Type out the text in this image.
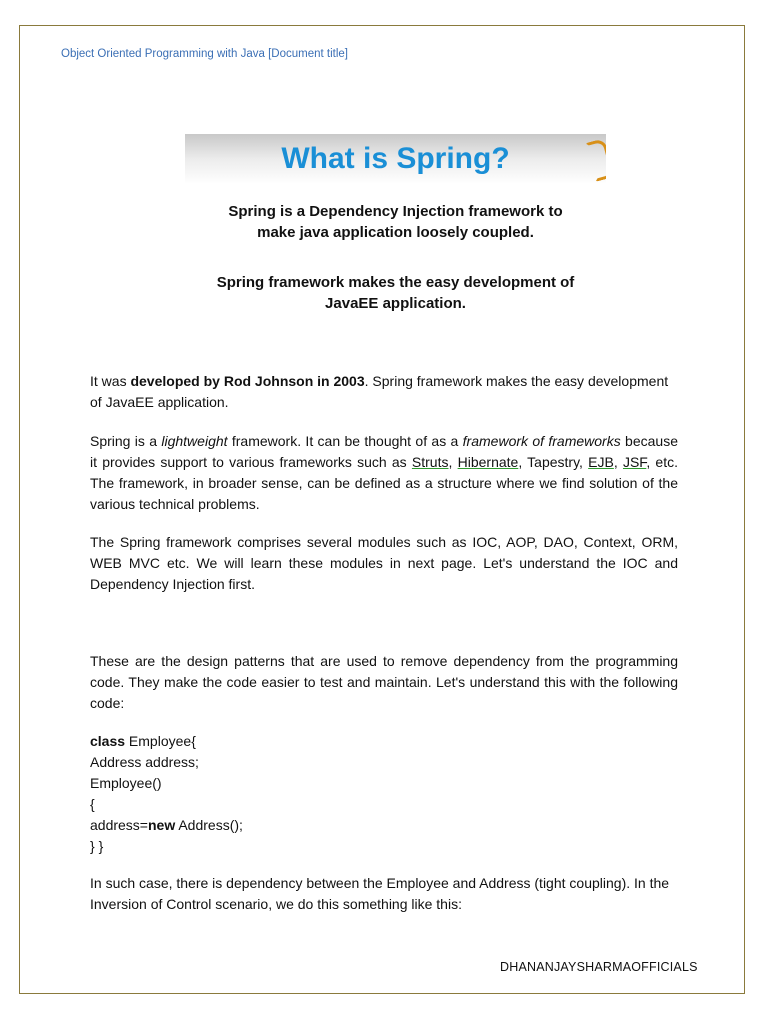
Object Oriented Programming with Java [Document title]
What is Spring?
Spring is a Dependency Injection framework to
make java application loosely coupled.
Spring framework makes the easy development of
JavaEE application.
It was developed by Rod Johnson in 2003. Spring framework makes the easy development of JavaEE application.
Spring is a lightweight framework. It can be thought of as a framework of frameworks because it provides support to various frameworks such as Struts, Hibernate, Tapestry, EJB, JSF, etc. The framework, in broader sense, can be defined as a structure where we find solution of the various technical problems.
The Spring framework comprises several modules such as IOC, AOP, DAO, Context, ORM, WEB MVC etc. We will learn these modules in next page. Let's understand the IOC and Dependency Injection first.
These are the design patterns that are used to remove dependency from the programming code. They make the code easier to test and maintain. Let's understand this with the following code:
class Employee{
Address address;
Employee()
{
address=new Address();
} }
In such case, there is dependency between the Employee and Address (tight coupling). In the Inversion of Control scenario, we do this something like this:
DHANANJAYSHARMAOFFICIALS
